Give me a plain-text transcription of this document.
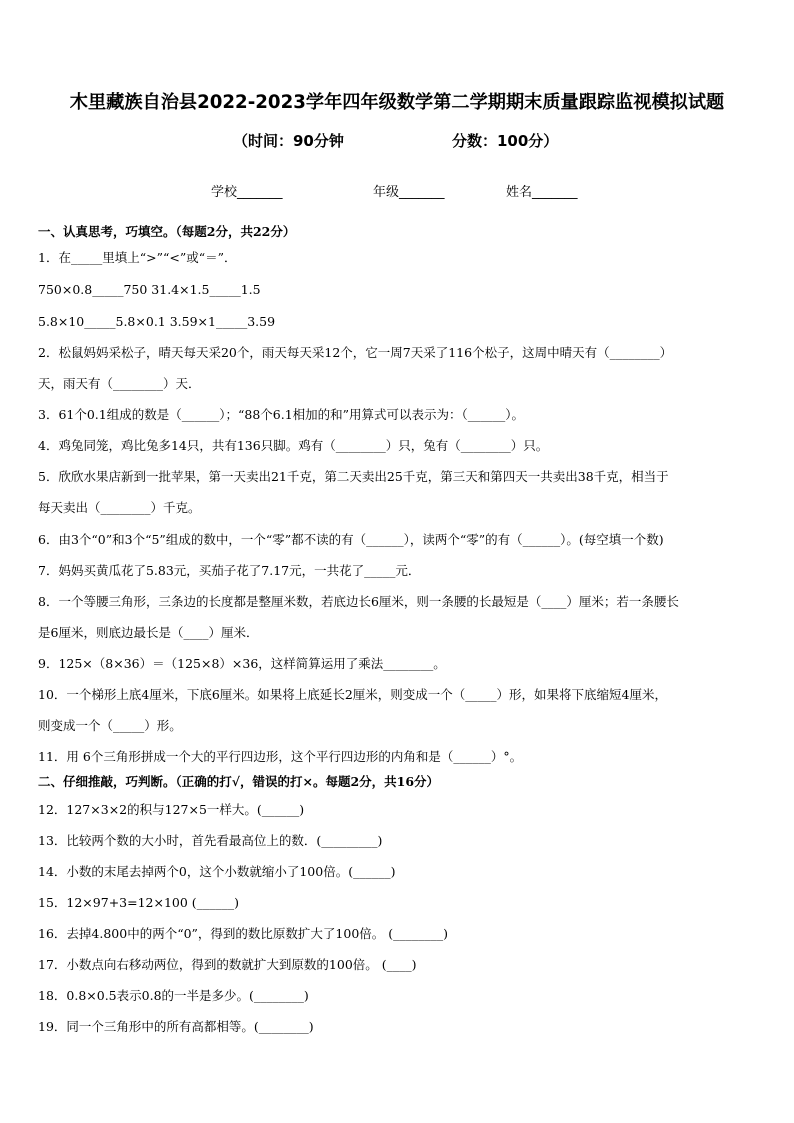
木里藏族自治县2022-2023学年四年级数学第二学期期末质量跟踪监视模拟试题
（时间：90分钟	分数：100分）
学校_______	年级_______	姓名_______
一、认真思考，巧填空。（每题2分，共22分）
1．在_____里填上“>”“<”或“＝”．
750×0.8_____750 31.4×1.5_____1.5
5.8×10_____5.8×0.1 3.59×1_____3.59
2．松鼠妈妈采松子，晴天每天采20个，雨天每天采12个，它一周7天采了116个松子，这周中晴天有（________）
天，雨天有（________）天．
3．61个0.1组成的数是（______）；“88个6.1相加的和”用算式可以表示为：（______）。
4．鸡兔同笼，鸡比兔多14只，共有136只脚。鸡有（________）只，兔有（________）只。
5．欣欣水果店新到一批苹果，第一天卖出21千克，第二天卖出25千克，第三天和第四天一共卖出38千克，相当于
每天卖出（________）千克。
6．由3个“0”和3个“5”组成的数中，一个“零”都不读的有（______），读两个“零”的有（______）。(每空填一个数)
7．妈妈买黄瓜花了5.83元，买茄子花了7.17元，一共花了_____元．
8．一个等腰三角形，三条边的长度都是整厘米数，若底边长6厘米，则一条腰的长最短是（____）厘米；若一条腰长
是6厘米，则底边最长是（____）厘米．
9．125×（8×36）＝（125×8）×36，这样简算运用了乘法________。
10．一个梯形上底4厘米，下底6厘米。如果将上底延长2厘米，则变成一个（_____）形，如果将下底缩短4厘米，
则变成一个（_____）形。
11．用 6个三角形拼成一个大的平行四边形，这个平行四边形的内角和是（______）°。
二、仔细推敲，巧判断。（正确的打√，错误的打×。每题2分，共16分）
12．127×3×2的积与127×5一样大。(______)
13．比较两个数的大小时，首先看最高位上的数．(_________)
14．小数的末尾去掉两个0，这个小数就缩小了100倍。(______)
15．12×97+3=12×100 (______)
16．去掉4.800中的两个“0”，得到的数比原数扩大了100倍。 (________)
17．小数点向右移动两位，得到的数就扩大到原数的100倍。 (____)
18．0.8×0.5表示0.8的一半是多少。(________)
19．同一个三角形中的所有高都相等。(________)
